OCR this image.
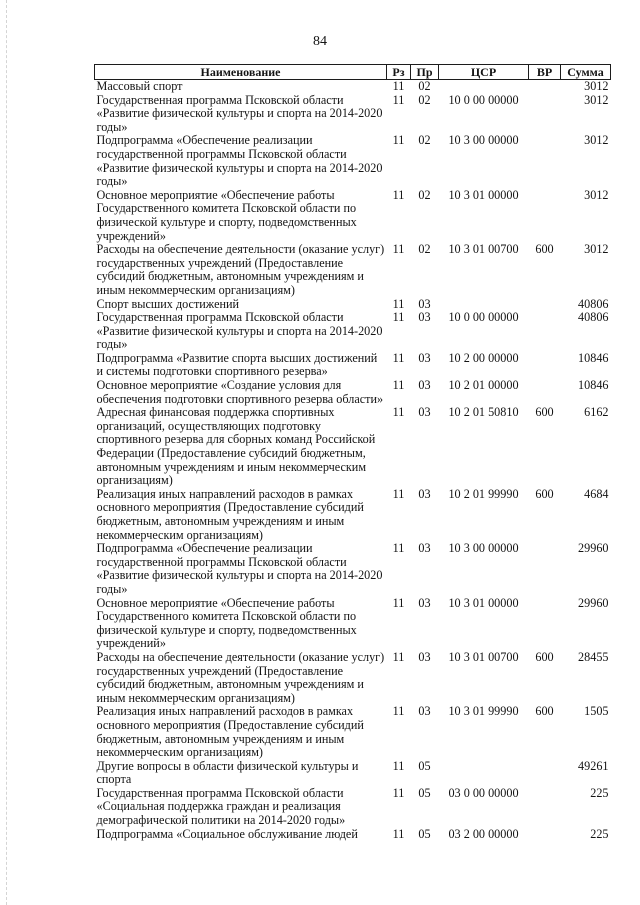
84
Наименование	Рз	Пр	ЦСР	ВР	Сумма
Массовый спорт	11	02			3012
Государственная программа Псковской области «Развитие физической культуры и спорта на 2014-2020 годы»	11	02	10 0 00 00000		3012
Подпрограмма «Обеспечение реализации государственной программы Псковской области «Развитие физической культуры и спорта на 2014-2020 годы»	11	02	10 3 00 00000		3012
Основное мероприятие «Обеспечение работы Государственного комитета Псковской области по физической культуре и спорту, подведомственных учреждений»	11	02	10 3 01 00000		3012
Расходы на обеспечение деятельности (оказание услуг) государственных учреждений (Предоставление субсидий бюджетным, автономным учреждениям и иным некоммерческим организациям)	11	02	10 3 01 00700	600	3012
Спорт высших достижений	11	03			40806
Государственная программа Псковской области «Развитие физической культуры и спорта на 2014-2020 годы»	11	03	10 0 00 00000		40806
Подпрограмма «Развитие спорта высших достижений и системы подготовки спортивного резерва»	11	03	10 2 00 00000		10846
Основное мероприятие «Создание условия для обеспечения подготовки спортивного резерва области»	11	03	10 2 01 00000		10846
Адресная финансовая поддержка спортивных организаций, осуществляющих подготовку спортивного резерва для сборных команд Российской Федерации (Предоставление субсидий бюджетным, автономным учреждениям и иным некоммерческим организациям)	11	03	10 2 01 50810	600	6162
Реализация иных направлений расходов в рамках основного мероприятия (Предоставление субсидий бюджетным, автономным учреждениям и иным некоммерческим организациям)	11	03	10 2 01 99990	600	4684
Подпрограмма «Обеспечение реализации государственной программы Псковской области «Развитие физической культуры и спорта на 2014-2020 годы»	11	03	10 3 00 00000		29960
Основное мероприятие «Обеспечение работы Государственного комитета Псковской области по физической культуре и спорту, подведомственных учреждений»	11	03	10 3 01 00000		29960
Расходы на обеспечение деятельности (оказание услуг) государственных учреждений (Предоставление субсидий бюджетным, автономным учреждениям и иным некоммерческим организациям)	11	03	10 3 01 00700	600	28455
Реализация иных направлений расходов в рамках основного мероприятия (Предоставление субсидий бюджетным, автономным учреждениям и иным некоммерческим организациям)	11	03	10 3 01 99990	600	1505
Другие вопросы в области физической культуры и спорта	11	05			49261
Государственная программа Псковской области «Социальная поддержка граждан и реализация демографической политики на 2014-2020 годы»	11	05	03 0 00 00000		225
Подпрограмма «Социальное обслуживание людей	11	05	03 2 00 00000		225
